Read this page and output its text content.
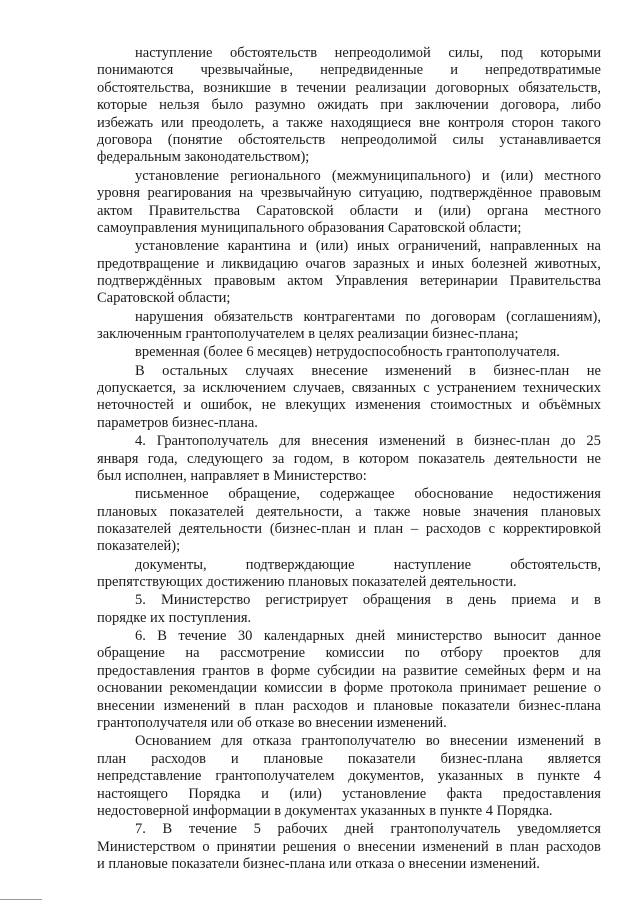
наступление обстоятельств непреодолимой силы, под которыми
понимаются чрезвычайные, непредвиденные и непредотвратимые
обстоятельства, возникшие в течении реализации договорных обязательств,
которые нельзя было разумно ожидать при заключении договора, либо
избежать или преодолеть, а также находящиеся вне контроля сторон такого
договора (понятие обстоятельств непреодолимой силы устанавливается
федеральным законодательством);
установление регионального (межмуниципального) и (или) местного
уровня реагирования на чрезвычайную ситуацию, подтверждённое правовым
актом Правительства Саратовской области и (или) органа местного
самоуправления муниципального образования Саратовской области;
установление карантина и (или) иных ограничений, направленных на
предотвращение и ликвидацию очагов заразных и иных болезней животных,
подтверждённых правовым актом Управления ветеринарии Правительства
Саратовской области;
нарушения обязательств контрагентами по договорам (соглашениям),
заключенным грантополучателем в целях реализации бизнес-плана;
временная (более 6 месяцев) нетрудоспособность грантополучателя.
В остальных случаях внесение изменений в бизнес-план не
допускается, за исключением случаев, связанных с устранением технических
неточностей и ошибок, не влекущих изменения стоимостных и объёмных
параметров бизнес-плана.
4. Грантополучатель для внесения изменений в бизнес-план до 25
января года, следующего за годом, в котором показатель деятельности не
был исполнен, направляет в Министерство:
письменное обращение, содержащее обоснование недостижения
плановых показателей деятельности, а также новые значения плановых
показателей деятельности (бизнес-план и план – расходов с корректировкой
показателей);
документы,	подтверждающие	наступление	обстоятельств,
препятствующих достижению плановых показателей деятельности.
5. Министерство регистрирует обращения в день приема и в
порядке их поступления.
6. В течение 30 календарных дней министерство выносит данное
обращение на рассмотрение комиссии по отбору проектов для
предоставления грантов в форме субсидии на развитие семейных ферм и на
основании рекомендации комиссии в форме протокола принимает решение о
внесении изменений в план расходов и плановые показатели бизнес-плана
грантополучателя или об отказе во внесении изменений.
Основанием для отказа грантополучателю во внесении изменений в
план расходов и плановые показатели бизнес-плана является
непредставление грантополучателем документов, указанных в пункте 4
настоящего Порядка и (или) установление факта предоставления
недостоверной информации в документах указанных в пункте 4 Порядка.
7. В течение 5 рабочих дней грантополучатель уведомляется
Министерством о принятии решения о внесении изменений в план расходов
и плановые показатели бизнес-плана или отказа о внесении изменений.
